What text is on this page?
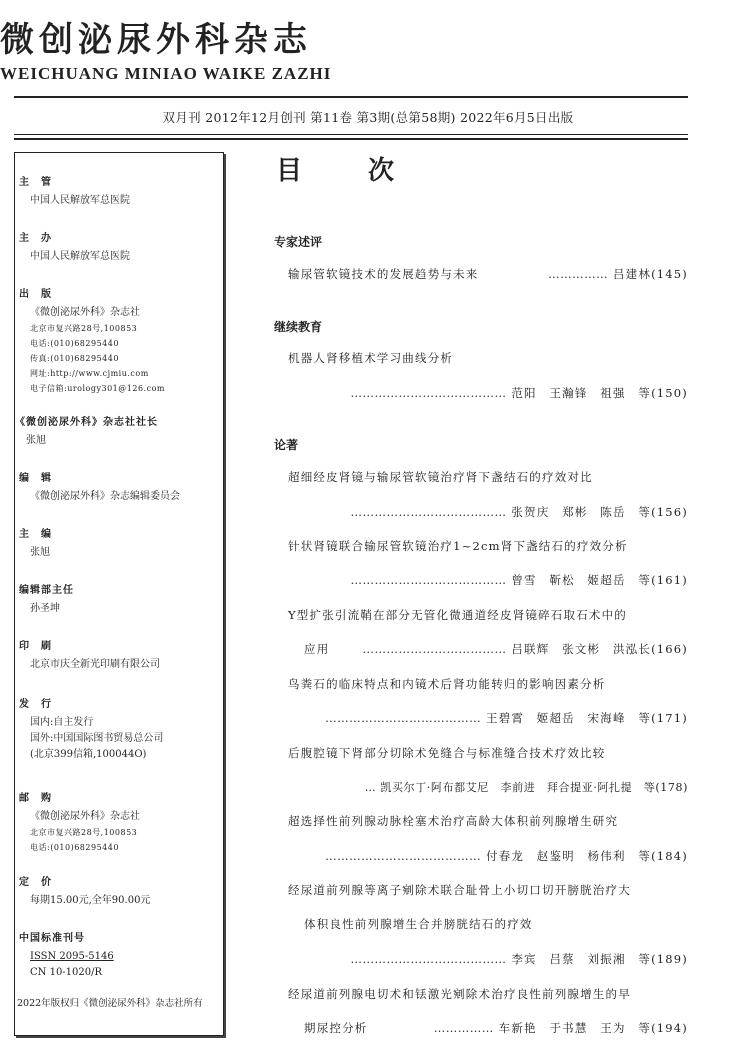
微创泌尿外科杂志
WEICHUANG MINIAO WAIKE ZAZHI
双月刊 2012年12月创刊 第11卷 第3期(总第58期) 2022年6月5日出版
主　管
中国人民解放军总医院
主　办
中国人民解放军总医院
出　版
《微创泌尿外科》杂志社
北京市复兴路28号,100853
电话:(010)68295440
传真:(010)68295440
网址:http://www.cjmiu.com
电子信箱:urology301@126.com
《微创泌尿外科》杂志社社长
张旭
编　辑
《微创泌尿外科》杂志编辑委员会
主　编
张旭
编辑部主任
孙圣坤
印　刷
北京市庆全新光印刷有限公司
发　行
国内:自主发行
国外:中国国际图书贸易总公司
(北京399信箱,100044O)
邮　购
《微创泌尿外科》杂志社
北京市复兴路28号,100853
电话:(010)68295440
定　价
每期15.00元,全年90.00元
中国标准刊号
ISSN 2095-5146
CN 10-1020/R
2022年版权归《微创泌尿外科》杂志社所有
目　次
专家述评
输尿管软镜技术的发展趋势与未来	…………… 吕建林(145)
继续教育
机器人肾移植术学习曲线分析
………………………………… 范阳　王瀚锋　祖强　等(150)
论著
超细经皮肾镜与输尿管软镜治疗肾下盏结石的疗效对比
………………………………… 张贺庆　郑彬　陈岳　等(156)
针状肾镜联合输尿管软镜治疗1~2cm肾下盏结石的疗效分析
………………………………… 曾雪　靳松　姬超岳　等(161)
Y型扩张引流鞘在部分无管化微通道经皮肾镜碎石取石术中的
应用	……………………………… 吕联辉　张文彬　洪泓长(166)
鸟粪石的临床特点和内镜术后肾功能转归的影响因素分析
………………………………… 王碧霄　姬超岳　宋海峰　等(171)
后腹腔镜下肾部分切除术免缝合与标准缝合技术疗效比较
… 凯买尔丁·阿布都艾尼　李前进　拜合提亚·阿扎提　等(178)
超选择性前列腺动脉栓塞术治疗高龄大体积前列腺增生研究
………………………………… 付春龙　赵鉴明　杨伟利　等(184)
经尿道前列腺等离子剜除术联合耻骨上小切口切开膀胱治疗大
体积良性前列腺增生合并膀胱结石的疗效
………………………………… 李宾　吕蔡　刘振湘　等(189)
经尿道前列腺电切术和铥激光剜除术治疗良性前列腺增生的早
期尿控分析	…………… 车新艳　于书慧　王为　等(194)
